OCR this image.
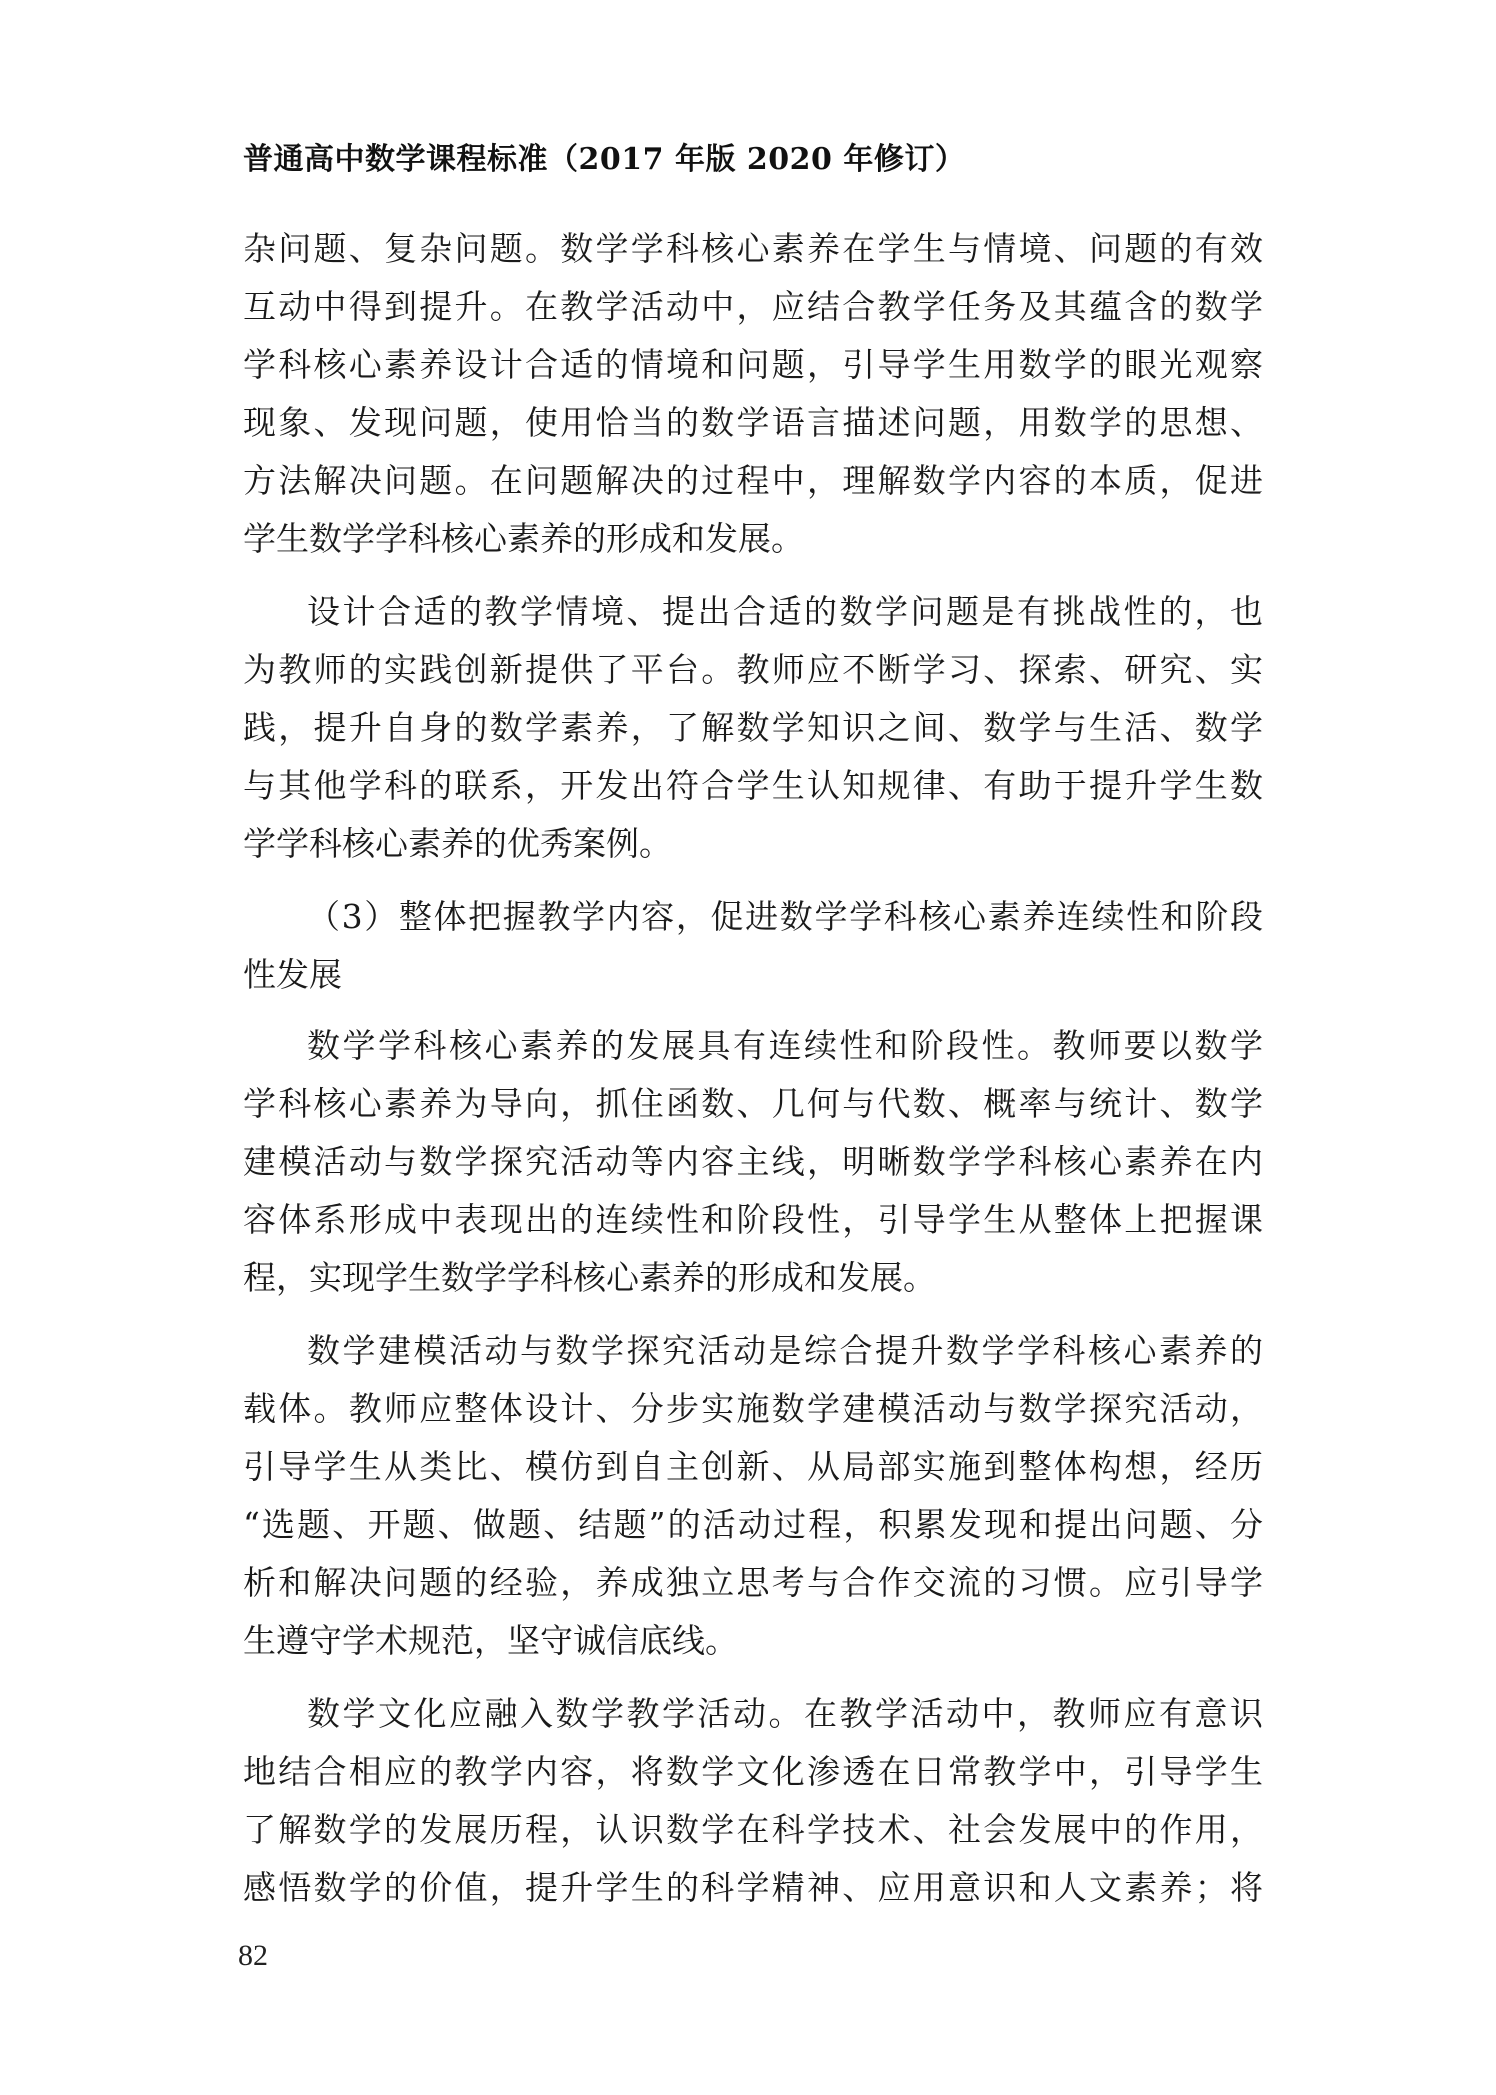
普通高中数学课程标准（2017 年版 2020 年修订）
杂问题、复杂问题。数学学科核心素养在学生与情境、问题的有效
互动中得到提升。在教学活动中，应结合教学任务及其蕴含的数学
学科核心素养设计合适的情境和问题，引导学生用数学的眼光观察
现象、发现问题，使用恰当的数学语言描述问题，用数学的思想、
方法解决问题。在问题解决的过程中，理解数学内容的本质，促进
学生数学学科核心素养的形成和发展。
设计合适的教学情境、提出合适的数学问题是有挑战性的，也
为教师的实践创新提供了平台。教师应不断学习、探索、研究、实
践，提升自身的数学素养，了解数学知识之间、数学与生活、数学
与其他学科的联系，开发出符合学生认知规律、有助于提升学生数
学学科核心素养的优秀案例。
（3）整体把握教学内容，促进数学学科核心素养连续性和阶段
性发展
数学学科核心素养的发展具有连续性和阶段性。教师要以数学
学科核心素养为导向，抓住函数、几何与代数、概率与统计、数学
建模活动与数学探究活动等内容主线，明晰数学学科核心素养在内
容体系形成中表现出的连续性和阶段性，引导学生从整体上把握课
程，实现学生数学学科核心素养的形成和发展。
数学建模活动与数学探究活动是综合提升数学学科核心素养的
载体。教师应整体设计、分步实施数学建模活动与数学探究活动，
引导学生从类比、模仿到自主创新、从局部实施到整体构想，经历
“选题、开题、做题、结题”的活动过程，积累发现和提出问题、分
析和解决问题的经验，养成独立思考与合作交流的习惯。应引导学
生遵守学术规范，坚守诚信底线。
数学文化应融入数学教学活动。在教学活动中，教师应有意识
地结合相应的教学内容，将数学文化渗透在日常教学中，引导学生
了解数学的发展历程，认识数学在科学技术、社会发展中的作用，
感悟数学的价值，提升学生的科学精神、应用意识和人文素养；将
82
